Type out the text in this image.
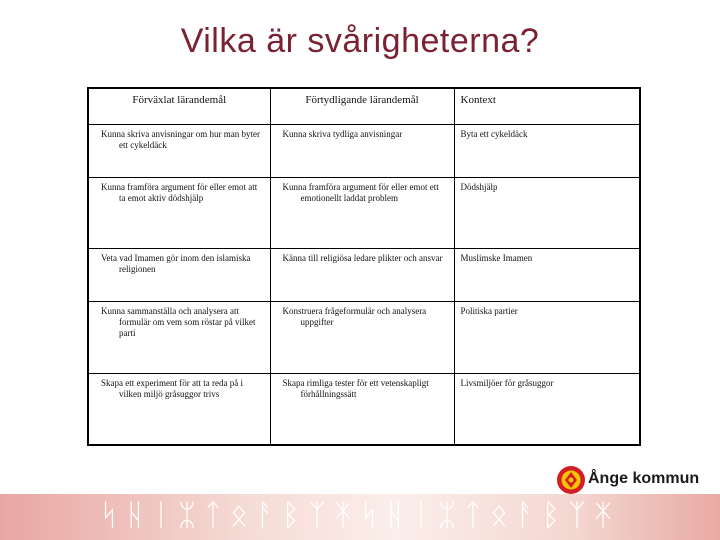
Vilka är svårigheterna?
Förväxlat lärandemål	Förtydligande lärandemål	Kontext

Kunna skriva anvisningar om hur man byter ett cykeldäck	Kunna skriva tydliga anvisningar	Byta ett cykeldäck

Kunna framföra argument för eller emot att ta emot aktiv dödshjälp	Kunna framföra argument för eller emot ett emotionellt laddat problem	Dödshjälp

Veta vad Imamen gör inom den islamiska religionen	Känna till religiösa ledare plikter och ansvar	Muslimske Imamen

Kunna sammanställa och analysera att formulär om vem som röstar på vilket parti	Konstruera frågeformulär och analysera uppgifter	Politiska partier

Skapa ett experiment för att ta reda på i vilken miljö gråsuggor trivs	Skapa rimliga tester för ett vetenskapligt förhållningssätt	Livsmiljöer för gråsuggor
Ånge kommun
ᛋᚺᛁᛯᛏᛟᚨᛒᛉᛡᛋᚺᛁᛯᛏᛟᚨᛒᛉᛡ
